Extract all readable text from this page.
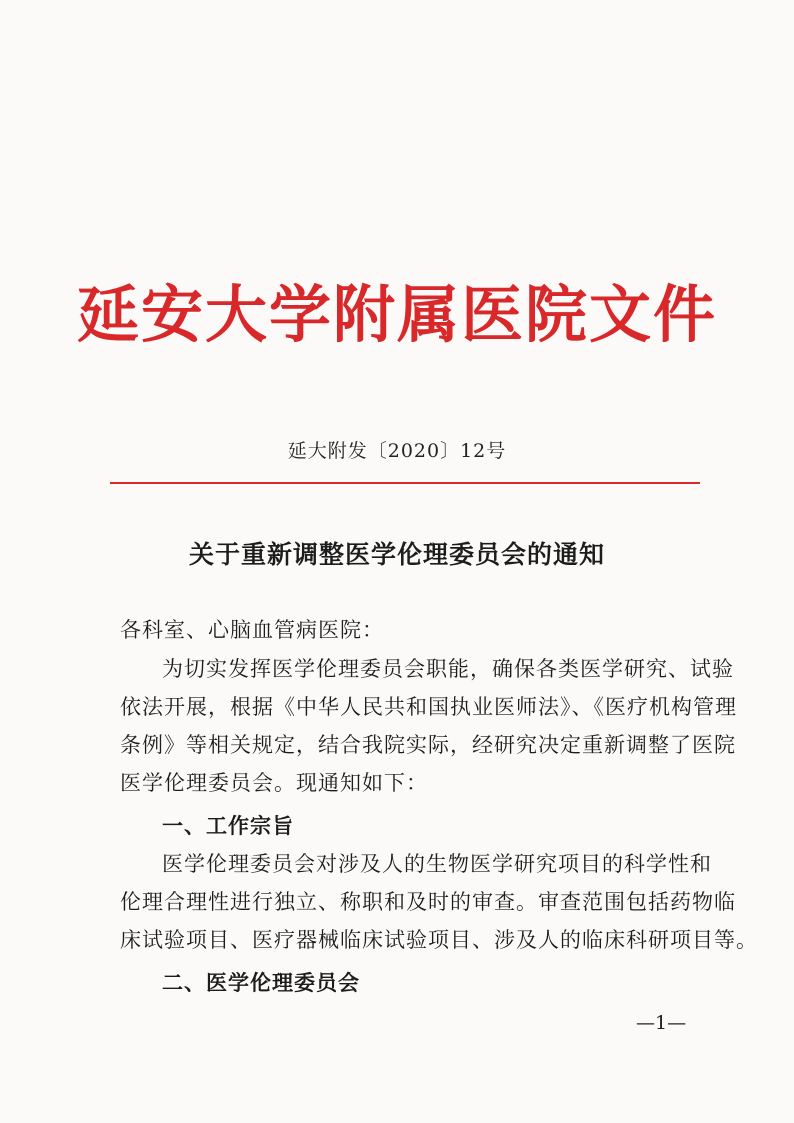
延安大学附属医院文件
延大附发〔2020〕12号
关于重新调整医学伦理委员会的通知
各科室、心脑血管病医院：
为切实发挥医学伦理委员会职能，确保各类医学研究、试验
依法开展，根据《中华人民共和国执业医师法》、《医疗机构管理
条例》等相关规定，结合我院实际，经研究决定重新调整了医院
医学伦理委员会。现通知如下：
一、工作宗旨
医学伦理委员会对涉及人的生物医学研究项目的科学性和
伦理合理性进行独立、称职和及时的审查。审查范围包括药物临
床试验项目、医疗器械临床试验项目、涉及人的临床科研项目等。
二、医学伦理委员会
—1—
